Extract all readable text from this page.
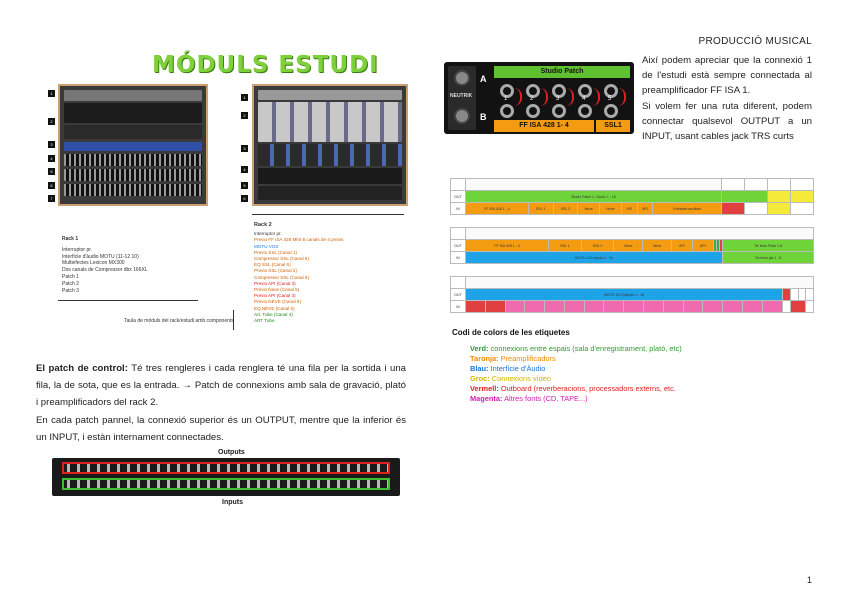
PRODUCCIÓ MUSICAL
MÓDULS ESTUDI
1
2
3
4
5
6
7
1
2
3
4
5
6
Rack 1
Interruptor pr.
Interfície d'àudio MOTU (11-12 10)
Multiefectes Lexicon MX300
Dos canals de Compressor dbx 166XL
Patch 1
Patch 2
Patch 3
Rack 2
Interruptor pr.
Previo FF ISA 428 MkII 8 canals de 4 previs
MOTU VOX
Previo SSL (Canal 1)
Compressor SSL (Canal 6)
EQ SSL (Canal 6)
Previo SSL (Canal 2)
Compressor SSL (Canal 6)
Previo API (Canal 3)
Previo Neve (Canal 5)
Previo API (Canal 3)
Previo NEVE (Canal 5)
EQ NEVE (Canal 5)
Art. Tube (Canal 4)
ART Tube
Taula de mòduls del rack/estudi amb components
El patch de control: Té tres rengleres i cada renglera té una fila per la sortida i una fila, la de sota, que es la entrada. → Patch de connexions amb sala de gravació, plató i preamplificadors del rack 2.
En cada patch pannel, la connexió superior és un OUTPUT, mentre que la inferior és un INPUT, i estàn internament connectades.
Outputs
Inputs
NEUTRIK
A
B
Studio Patch
FF ISA 428 1- 4	SSL1
1	2	3	4	5
Així podem apreciar que la connexió 1 de l'estudi està sempre connectada al preamplificador FF ISA 1.
Si volem fer una ruta diferent, podem connectar qualsevol OUTPUT a un INPUT, usant cables jack TRS curts

OUT	Studio Patch 1 / Àudio 1 - 16											
IN	FF ISA 428 1 - 4	SSL 1	SSL 2	Neve	Neve	API	API	Entrades auxiliars				

OUT	FF ISA 428 1 - 4	SSL 1	SSL 2	Neve	Neve	API	API				Tie lines Plató 1-8
IN	MOTU 1/O Inputs 1 - 16										Tie lines pla 1 - 8

OUT	MOTU 1/O Outputs 1 - 16																			
IN																				
Codi de colors de les etiquetes
Verd: connexions entre espais (sala d'enregistrament, plató, etc)
Taronja: Preamplificadors
Blau: Interfície d'Àudio
Groc: Connexions vídeo
Vermell: Outboard (reverberacions, processadors externs, etc.
Magenta: Altres fonts (CD, TAPE...)
1
